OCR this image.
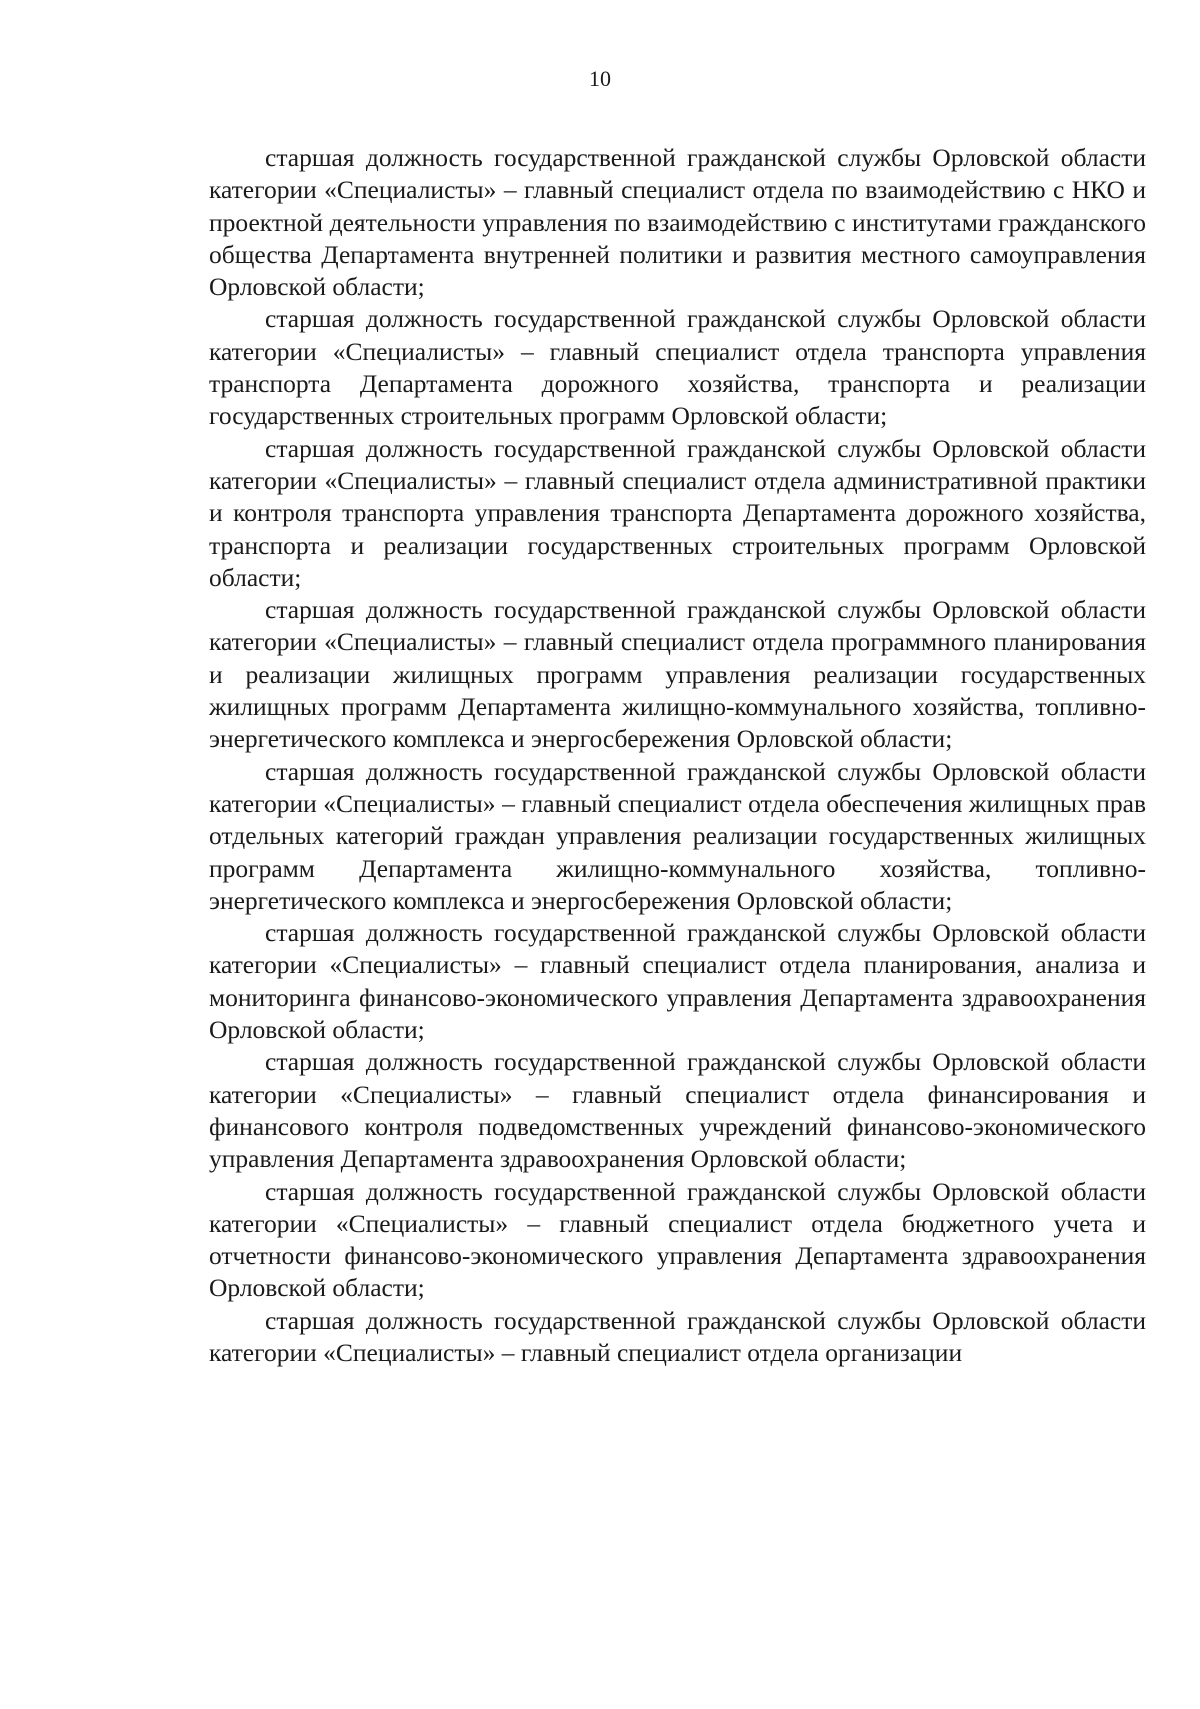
10

старшая должность государственной гражданской службы Орловской области категории «Специалисты» – главный специалист отдела по взаимодействию с НКО и проектной деятельности управления по взаимодействию с институтами гражданского общества Департамента внутренней политики и развития местного самоуправления Орловской области;

старшая должность государственной гражданской службы Орловской области категории «Специалисты» – главный специалист отдела транспорта управления транспорта Департамента дорожного хозяйства, транспорта и реализации государственных строительных программ Орловской области;

старшая должность государственной гражданской службы Орловской области категории «Специалисты» – главный специалист отдела административной практики и контроля транспорта управления транспорта Департамента дорожного хозяйства, транспорта и реализации государственных строительных программ Орловской области;

старшая должность государственной гражданской службы Орловской области категории «Специалисты» – главный специалист отдела программного планирования и реализации жилищных программ управления реализации государственных жилищных программ Департамента жилищно-коммунального хозяйства, топливно-энергетического комплекса и энергосбережения Орловской области;

старшая должность государственной гражданской службы Орловской области категории «Специалисты» – главный специалист отдела обеспечения жилищных прав отдельных категорий граждан управления реализации государственных жилищных программ Департамента жилищно-коммунального хозяйства, топливно-энергетического комплекса и энергосбережения Орловской области;

старшая должность государственной гражданской службы Орловской области категории «Специалисты» – главный специалист отдела планирования, анализа и мониторинга финансово-экономического управления Департамента здравоохранения Орловской области;

старшая должность государственной гражданской службы Орловской области категории «Специалисты» – главный специалист отдела финансирования и финансового контроля подведомственных учреждений финансово-экономического управления Департамента здравоохранения Орловской области;

старшая должность государственной гражданской службы Орловской области категории «Специалисты» – главный специалист отдела бюджетного учета и отчетности финансово-экономического управления Департамента здравоохранения Орловской области;

старшая должность государственной гражданской службы Орловской области категории «Специалисты» – главный специалист отдела организации
